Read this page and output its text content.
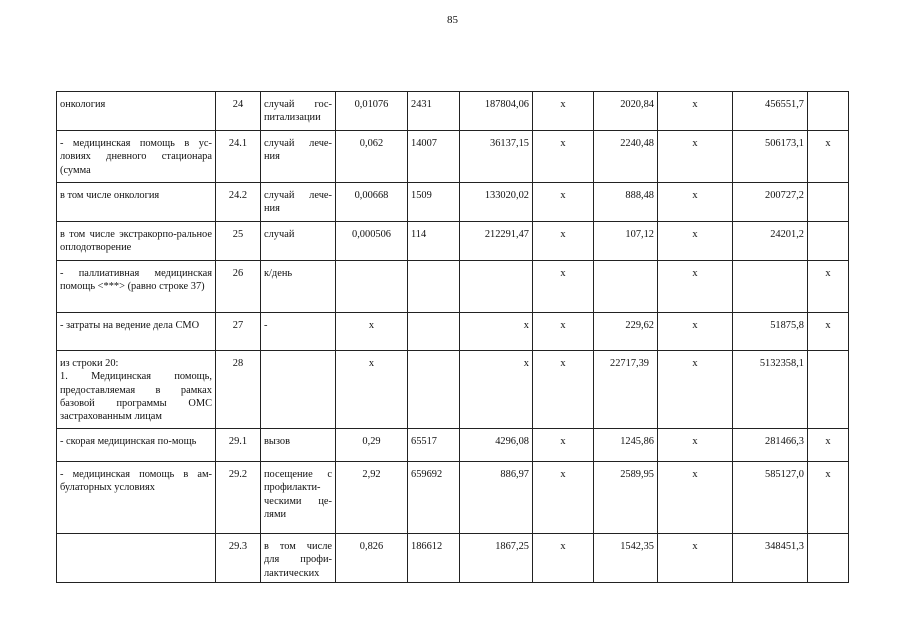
85
онкология	24	случай гос-питализации	0,01076	2431	187804,06	х	2020,84	х	456551,7	
- медицинская помощь в ус-ловиях дневного стационара (сумма	24.1	случай лече-ния	0,062	14007	36137,15	х	2240,48	х	506173,1	х
в том числе онкология	24.2	случай лече-ния	0,00668	1509	133020,02	х	888,48	х	200727,2	
в том числе экстракорпо-ральное оплодотворение	25	случай	0,000506	114	212291,47	х	107,12	х	24201,2	
- паллиативная медицинская помощь <***> (равно строке 37)	26	к/день				х		х		х
- затраты на ведение дела СМО	27	-	х		х	х	229,62	х	51875,8	х
из строки 20:
1. Медицинская помощь, предоставляемая в рамках базовой программы ОМС застрахованным лицам	28		х		х	х	22717,39	х	5132358,1	
- скорая медицинская по-мощь	29.1	вызов	0,29	65517	4296,08	х	1245,86	х	281466,3	х
- медицинская помощь в ам-булаторных условиях	29.2	посещение с профилакти-ческими це-лями	2,92	659692	886,97	х	2589,95	х	585127,0	х
	29.3	в том числе для профи-лактических	0,826	186612	1867,25	х	1542,35	х	348451,3	
